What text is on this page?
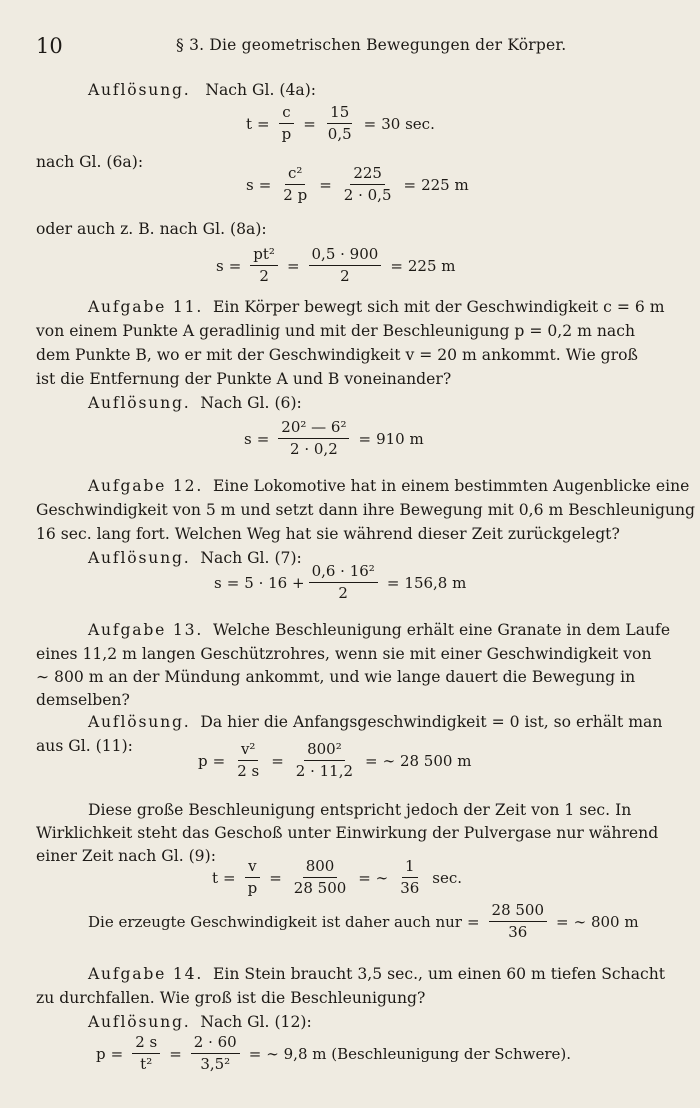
10	§ 3. Die geometrischen Bewegungen der Körper.
Auflösung. Nach Gl. (4a):
$t = \frac{c}{p} = \frac{15}{0,5} = 30$ sec.
nach Gl. (6a):
$s = \frac{\text{c²}}{2 p} = \frac{225}{2 \cdot 0,5} = 225$ m
oder auch z. B. nach Gl. (8a):
$s = \frac{\text{pt²}}{2} = \frac{0,5 \cdot 900}{2} = 225$ m
Aufgabe 11. Ein Körper bewegt sich mit der Geschwindigkeit c = 6 m
von einem Punkte A geradlinig und mit der Beschleunigung p = 0,2 m nach
dem Punkte B, wo er mit der Geschwindigkeit v = 20 m ankommt. Wie groß
ist die Entfernung der Punkte A und B voneinander?
Auflösung. Nach Gl. (6):
$s = \frac{\text{20² — 6²}}{2 \cdot 0,2} = 910$ m
Aufgabe 12. Eine Lokomotive hat in einem bestimmten Augenblicke eine
Geschwindigkeit von 5 m und setzt dann ihre Bewegung mit 0,6 m Beschleunigung
16 sec. lang fort. Welchen Weg hat sie während dieser Zeit zurückgelegt?
Auflösung. Nach Gl. (7):
$s = 5 \cdot 16 + \frac{\text{0,6 · 16²}}{2} = 156,8$ m
Aufgabe 13. Welche Beschleunigung erhält eine Granate in dem Laufe
eines 11,2 m langen Geschützrohres, wenn sie mit einer Geschwindigkeit von
∼ 800 m an der Mündung ankommt, und wie lange dauert die Bewegung in
demselben?
Auflösung. Da hier die Anfangsgeschwindigkeit = 0 ist, so erhält man
aus Gl. (11):
$p = \frac{\text{v²}}{2 s} = \frac{\text{800²}}{2 \cdot 11,2}$ = ∼ 28 500 m
Diese große Beschleunigung entspricht jedoch der Zeit von 1 sec. In
Wirklichkeit steht das Geschoß unter Einwirkung der Pulvergase nur während
einer Zeit nach Gl. (9):
$t = \frac{v}{p} = \frac{800}{28 500}$ = ∼ $\frac{1}{36} \sec$.
Die erzeugte Geschwindigkeit ist daher auch nur = $\frac{28 500}{36}$ = ∼ 800 m
Aufgabe 14. Ein Stein braucht 3,5 sec., um einen 60 m tiefen Schacht
zu durchfallen. Wie groß ist die Beschleunigung?
Auflösung. Nach Gl. (12):
$p = \frac{2 s}{\text{t²}} = \frac{2 \cdot 60}{\text{3,5²}}$ = ∼ 9,8 m (Beschleunigung der Schwere).
